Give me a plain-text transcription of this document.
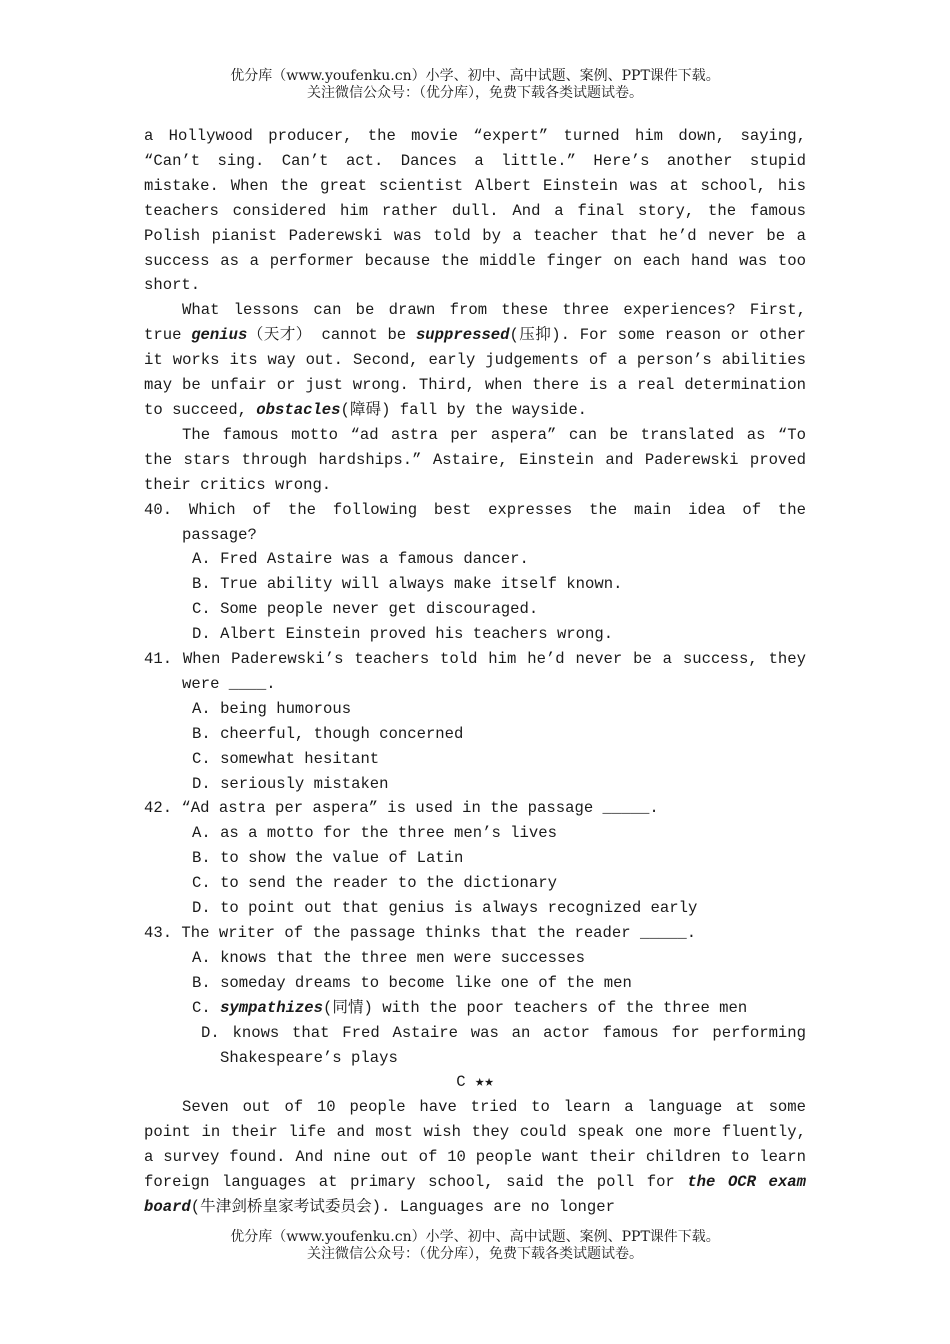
优分库（www.youfenku.cn）小学、初中、高中试题、案例、PPT课件下载。
关注微信公众号：（优分库），免费下载各类试题试卷。

a Hollywood producer, the movie “expert” turned him down, saying, “Can’t sing. Can’t act. Dances a little.” Here’s another stupid mistake. When the great scientist Albert Einstein was at school, his teachers considered him rather dull. And a final story, the famous Polish pianist Paderewski was told by a teacher that he’d never be a success as a performer because the middle finger on each hand was too short.

What lessons can be drawn from these three experiences? First, true genius（天才） cannot be suppressed(压抑). For some reason or other it works its way out. Second, early judgements of a person’s abilities may be unfair or just wrong. Third, when there is a real determination to succeed, obstacles(障碍) fall by the wayside.

The famous motto “ad astra per aspera” can be translated as “To the stars through hardships.” Astaire, Einstein and Paderewski proved their critics wrong.

40. Which of the following best expresses the main idea of the passage?

A. Fred Astaire was a famous dancer.

B. True ability will always make itself known.

C. Some people never get discouraged.

D. Albert Einstein proved his teachers wrong.

41. When Paderewski’s teachers told him he’d never be a success, they were ____.

A. being humorous

B. cheerful, though concerned

C. somewhat hesitant

D. seriously mistaken

42. “Ad astra per aspera” is used in the passage _____.

A. as a motto for the three men’s lives

B. to show the value of Latin

C. to send the reader to the dictionary

D. to point out that genius is always recognized early

43. The writer of the passage thinks that the reader _____.

A. knows that the three men were successes

B. someday dreams to become like one of the men

C. sympathizes(同情) with the poor teachers of the three men

D. knows that Fred Astaire was an actor famous for performing Shakespeare’s plays

C ★★

Seven out of 10 people have tried to learn a language at some point in their life and most wish they could speak one more fluently, a survey found. And nine out of 10 people want their children to learn foreign languages at primary school, said the poll for the OCR exam board(牛津剑桥皇家考试委员会). Languages are no longer

优分库（www.youfenku.cn）小学、初中、高中试题、案例、PPT课件下载。
关注微信公众号：（优分库），免费下载各类试题试卷。
